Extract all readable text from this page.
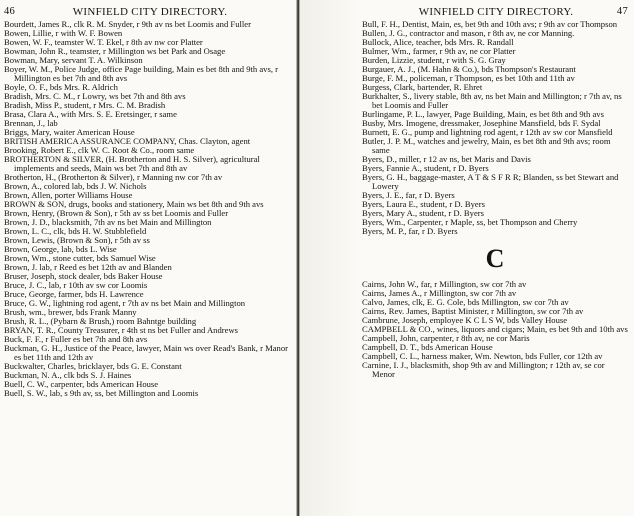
WINFIELD CITY DIRECTORY.
46
Bourdett, James R., clk R. M. Snyder, r 9th av ns bet Loomis and Fuller
Bowen, Lillie, r with W. F. Bowen
Bowen, W. F., teamster W. T. Ekel, r 8th av nw cor Platter
Bowman, John R., teamster, r Millington ws bet Park and Osage
Bowman, Mary, servant T. A. Wilkinson
Boyer, W. M., Police Judge, office Page building, Main es bet 8th and 9th avs, r Millington es bet 7th and 8th avs
Boyle, O. F., bds Mrs. R. Aldrich
Bradish, Mrs. C. M., r Lowry, ws bet 7th and 8th avs
Bradish, Miss P., student, r Mrs. C. M. Bradish
Brasa, Clara A., with Mrs. S. E. Eretsinger, r same
Brennan, J., lab
Briggs, Mary, waiter American House
BRITISH AMERICA ASSURANCE COMPANY, Chas. Clayton, agent
Brooking, Robert E., clk W. C. Root & Co., room same
BROTHERTON & SILVER, (H. Brotherton and H. S. Silver), agricultural implements and seeds, Main ws bet 7th and 8th av
Brotherton, H., (Brotherton & Silver), r Manning nw cor 7th av
Brown, A., colored lab, bds J. W. Nichols
Brown, Allen, porter Williams House
BROWN & SON, drugs, books and stationery, Main ws bet 8th and 9th avs
Brown, Henry, (Brown & Son), r 5th av ss bet Loomis and Fuller
Brown, J. D., blacksmith, 7th av ns bet Main and Millington
Brown, L. C., clk, bds H. W. Stubblefield
Brown, Lewis, (Brown & Son), r 5th av ss
Brown, George, lab, bds L. Wise
Brown, Wm., stone cutter, bds Samuel Wise
Brown, J. lab, r Reed es bet 12th av and Blanden
Bruser, Joseph, stock dealer, bds Baker House
Bruce, J. C., lab, r 10th av sw cor Loomis
Bruce, George, farmer, bds H. Lawrence
Bruce, G. W., lightning rod agent, r 7th av ns bet Main and Millington
Brush, wm., brewer, bds Frank Manny
Brush, R. L., (Pybarn & Brush,) room Bahntge building
BRYAN, T. R., County Treasurer, r 4th st ns bet Fuller and Andrews
Buck, F. F., r Fuller es bet 7th and 8th avs
Buckman, G. H., Justice of the Peace, lawyer, Main ws over Read's Bank, r Manor es bet 11th and 12th av
Buckwalter, Charles, bricklayer, bds G. E. Constant
Buckman, N. A., clk bds S. J. Haines
Buell, C. W., carpenter, bds American House
Buell, S. W., lab, s 9th av, ss, bet Millington and Loomis
WINFIELD CITY DIRECTORY.	47
Bull, F. H., Dentist, Main, es, bet 9th and 10th avs; r 9th av cor Thompson
Bullen, J. G., contractor and mason, r 8th av, ne cor Manning.
Bullock, Alice, teacher, bds Mrs. R. Randall
Bulmer, Wm., farmer, r 9th av, ne cor Platter
Burden, Lizzie, student, r with S. G. Gray
Burgauer, A. J., (M. Hahn & Co.), bds Thompson's Restaurant
Burge, F. M., policeman, r Thompson, es bet 10th and 11th av
Burgess, Clark, bartender, R. Ehret
Burkhalter, S., livery stable, 8th av, ns bet Main and Millington; r 7th av, ns bet Loomis and Fuller
Burlingame, P. L., lawyer, Page Building, Main, es bet 8th and 9th avs
Busby, Mrs. Imogene, dressmaker, Josephine Mansfield, bds F. Sydal
Burnett, E. G., pump and lightning rod agent, r 12th av sw cor Mansfield
Butler, J. P. M., watches and jewelry, Main, es bet 8th and 9th avs; room same
Byers, D., miller, r 12 av ns, bet Maris and Davis
Byers, Fannie A., student, r D. Byers
Byers, G. H., baggage-master, A T & S F R R; Blanden, ss bet Stewart and Lowery
Byers, J. E., far, r D. Byers
Byers, Laura E., student, r D. Byers
Byers, Mary A., student, r D. Byers
Byers, Wm., Carpenter, r Maple, ss, bet Thompson and Cherry
Byers, M. P., far, r D. Byers
C
Cairns, John W., far, r Millington, sw cor 7th av
Cairns, James A., r Millington, sw cor 7th av
Calvo, James, clk, E. G. Cole, bds Millington, sw cor 7th av
Cairns, Rev. James, Baptist Minister, r Millington, sw cor 7th av
Cambrune, Joseph, employee K C L S W, bds Valley House
CAMPBELL & CO., wines, liquors and cigars; Main, es bet 9th and 10th avs
Campbell, John, carpenter, r 8th av, ne cor Maris
Campbell, D. T., bds American House
Campbell, C. L., harness maker, Wm. Newton, bds Fuller, cor 12th av
Carnine, I. J., blacksmith, shop 9th av and Millington; r 12th av, se cor Menor
